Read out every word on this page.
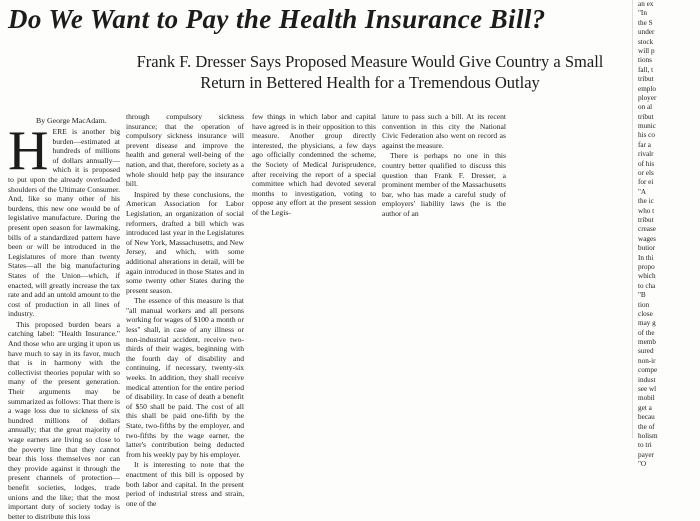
Do We Want to Pay the Health Insurance Bill?
Frank F. Dresser Says Proposed Measure Would Give Country a Small Return in Bettered Health for a Tremendous Outlay
By George MacAdam.
H ERE is another big burden—estimated at hundreds of millions of dollars annually—which it is proposed to put upon the already overloaded shoulders of the Ultimate Consumer. And, like so many other of his burdens, this new one would be of legislative manufacture. During the present open season for lawmaking, bills of a standardized pattern have been or will be introduced in the Legislatures of more than twenty States—all the big manufacturing States of the Union—which, if enacted, will greatly increase the tax rate and add an untold amount to the cost of production in all lines of industry.

This proposed burden bears a catching label: "Health Insurance." And those who are urging it upon us have much to say in its favor, much that is in harmony with the collectivist theories popular with so many of the present generation. Their arguments may be summarized as follows: That there is a wage loss due to sickness of six hundred millions of dollars annually; that the great majority of wage earners are living so close to the poverty line that they cannot bear this loss themselves nor can they provide against it through the present channels of protection—benefit societies, lodges, trade unions and the like; that the most important duty of society today is better to distribute this loss

through compulsory sickness insurance; that the operation of compulsory sickness insurance will prevent disease and improve the health and general well-being of the nation, and that, therefore, society as a whole should help pay the insurance bill.

Inspired by these conclusions, the American Association for Labor Legislation, an organization of social reformers, drafted a bill which was introduced last year in the Legislatures of New York, Massachusetts, and New Jersey, and which, with some additional alterations in detail, will be again introduced in those States and in some twenty other States during the present season.

The essence of this measure is that "all manual workers and all persons working for wages of $100 a month or less" shall, in case of any illness or non-industrial accident, receive two-thirds of their wages, beginning with the fourth day of disability and continuing, if necessary, twenty-six weeks. In addition, they shall receive medical attention for the entire period of disability. In case of death a benefit of $50 shall be paid. The cost of all this shall be paid one-fifth by the State, two-fifths by the employer, and two-fifths by the wage earner, the latter's contribution being deducted from his weekly pay by his employer.

It is interesting to note that the enactment of this bill is opposed by both labor and capital. In the present period of industrial stress and strain, one of the

few things in which labor and capital have agreed is in their opposition to this measure. Another group directly interested, the physicians, a few days ago officially condemned the scheme, the Society of Medical Jurisprudence, after receiving the report of a special committee which had devoted several months to investigation, voting to oppose any effort at the present session of the Legis-

lature to pass such a bill. At its recent convention in this city the National Civic Federation also went on record as against the measure.

There is perhaps no one in this country better qualified to discuss this question than Frank F. Dresser, a prominent member of the Massachusetts bar, who has made a careful study of employers' liability laws (he is the author of an

an ex
"In
the S
under
stock
will p
tions
fall, t
tribut
emplo
ployer
on al
tribut
munic
his co
far a
rivalr
of his
or els
for ei
"A
the ic
who t
tribut
crease
wages
butior
In thi
propo
which
to cha
"B
tion
close
may g
of the
memb
sured
non-ir
compe
indust
see wl
mobil
get a
becau
the of
holism
to tri
payer
"O
